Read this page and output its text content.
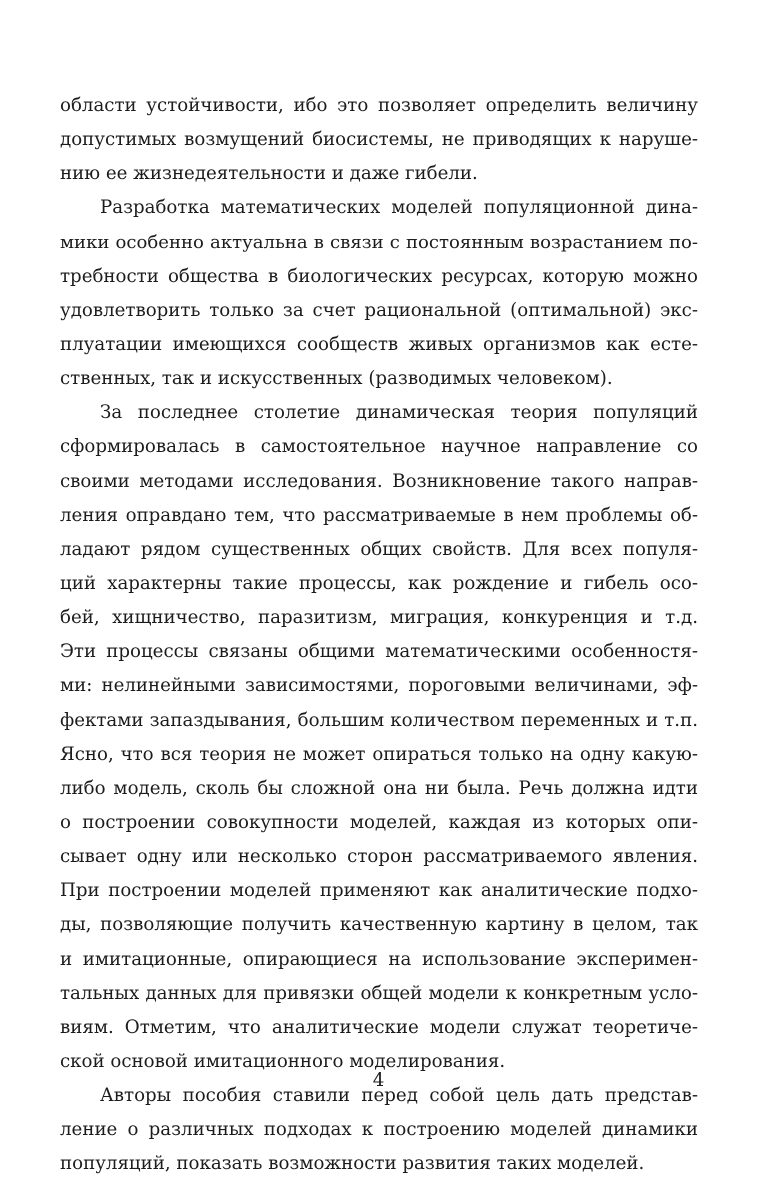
области устойчивости, ибо это позволяет определить величину
допустимых возмущений биосистемы, не приводящих к наруше-
нию ее жизнедеятельности и даже гибели.
Разработка математических моделей популяционной дина-
мики особенно актуальна в связи с постоянным возрастанием по-
требности общества в биологических ресурсах, которую можно
удовлетворить только за счет рациональной (оптимальной) экс-
плуатации имеющихся сообществ живых организмов как есте-
ственных, так и искусственных (разводимых человеком).
За последнее столетие динамическая теория популяций
сформировалась в самостоятельное научное направление со
своими методами исследования. Возникновение такого направ-
ления оправдано тем, что рассматриваемые в нем проблемы об-
ладают рядом существенных общих свойств. Для всех популя-
ций характерны такие процессы, как рождение и гибель осо-
бей, хищничество, паразитизм, миграция, конкуренция и т.д.
Эти процессы связаны общими математическими особенностя-
ми: нелинейными зависимостями, пороговыми величинами, эф-
фектами запаздывания, большим количеством переменных и т.п.
Ясно, что вся теория не может опираться только на одну какую-
либо модель, сколь бы сложной она ни была. Речь должна идти
о построении совокупности моделей, каждая из которых опи-
сывает одну или несколько сторон рассматриваемого явления.
При построении моделей применяют как аналитические подхо-
ды, позволяющие получить качественную картину в целом, так
и имитационные, опирающиеся на использование эксперимен-
тальных данных для привязки общей модели к конкретным усло-
виям. Отметим, что аналитические модели служат теоретиче-
ской основой имитационного моделирования.
Авторы пособия ставили перед собой цель дать представ-
ление о различных подходах к построению моделей динамики
популяций, показать возможности развития таких моделей.
4
